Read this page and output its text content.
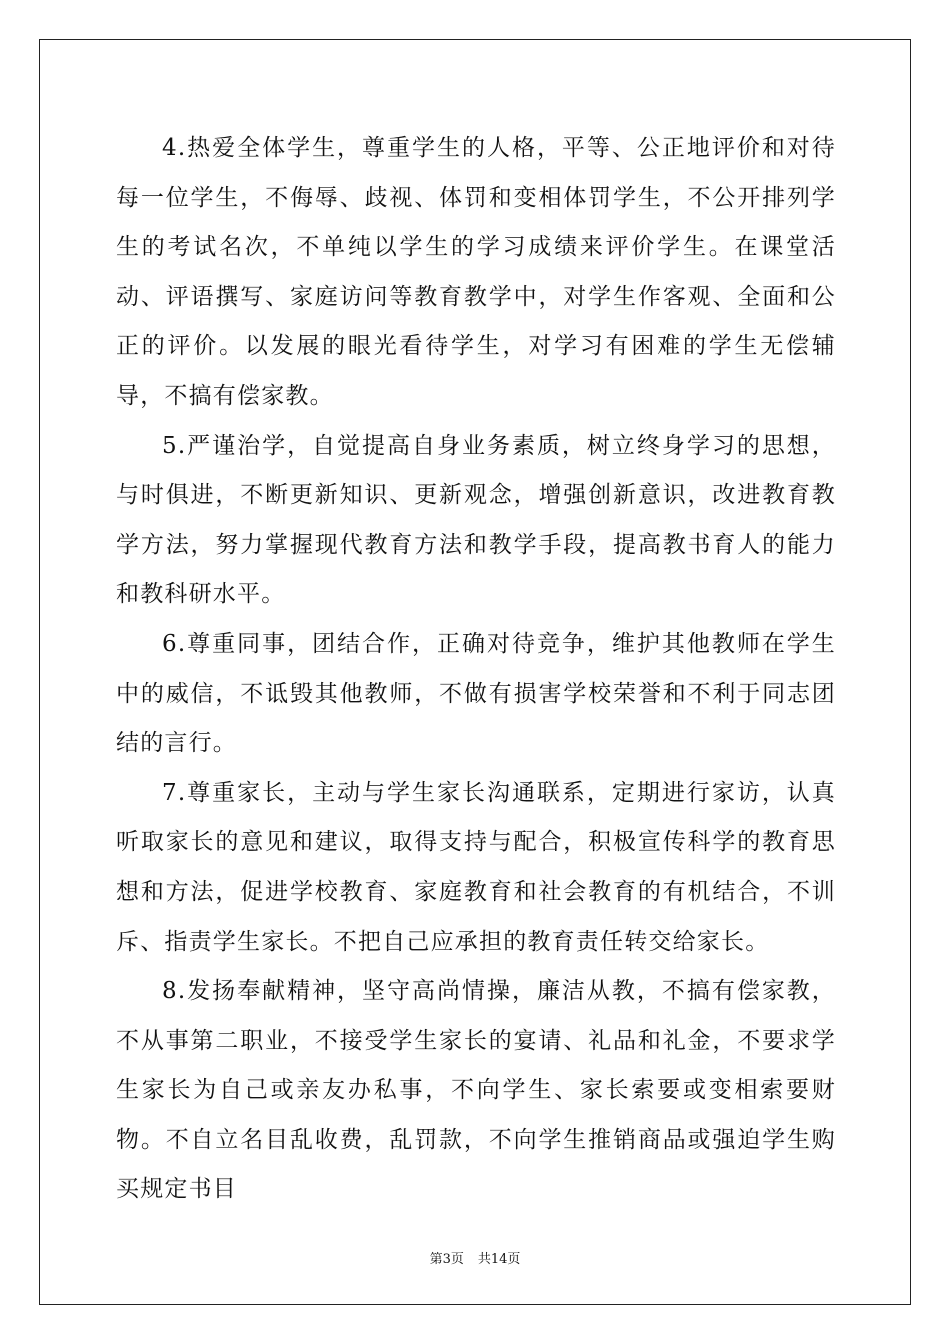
4.热爱全体学生，尊重学生的人格，平等、公正地评价和对待每一位学生，不侮辱、歧视、体罚和变相体罚学生，不公开排列学生的考试名次，不单纯以学生的学习成绩来评价学生。在课堂活动、评语撰写、家庭访问等教育教学中，对学生作客观、全面和公正的评价。以发展的眼光看待学生，对学习有困难的学生无偿辅导，不搞有偿家教。

5.严谨治学，自觉提高自身业务素质，树立终身学习的思想，与时俱进，不断更新知识、更新观念，增强创新意识，改进教育教学方法，努力掌握现代教育方法和教学手段，提高教书育人的能力和教科研水平。

6.尊重同事，团结合作，正确对待竞争，维护其他教师在学生中的威信，不诋毁其他教师，不做有损害学校荣誉和不利于同志团结的言行。

7.尊重家长，主动与学生家长沟通联系，定期进行家访，认真听取家长的意见和建议，取得支持与配合，积极宣传科学的教育思想和方法，促进学校教育、家庭教育和社会教育的有机结合，不训斥、指责学生家长。不把自己应承担的教育责任转交给家长。

8.发扬奉献精神，坚守高尚情操，廉洁从教，不搞有偿家教，不从事第二职业，不接受学生家长的宴请、礼品和礼金，不要求学生家长为自己或亲友办私事，不向学生、家长索要或变相索要财物。不自立名目乱收费，乱罚款，不向学生推销商品或强迫学生购买规定书目

第3页 共14页
